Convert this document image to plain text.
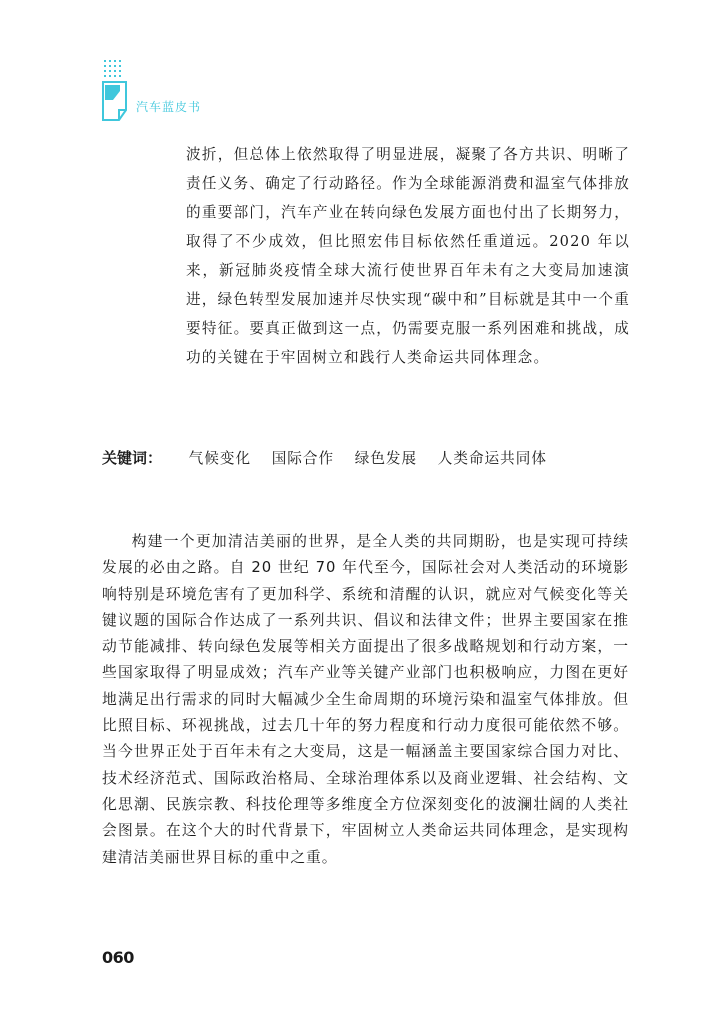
汽车蓝皮书

波折，但总体上依然取得了明显进展，凝聚了各方共识、明晰了责任义务、确定了行动路径。作为全球能源消费和温室气体排放的重要部门，汽车产业在转向绿色发展方面也付出了长期努力，取得了不少成效，但比照宏伟目标依然任重道远。2020 年以来，新冠肺炎疫情全球大流行使世界百年未有之大变局加速演进，绿色转型发展加速并尽快实现“碳中和”目标就是其中一个重要特征。要真正做到这一点，仍需要克服一系列困难和挑战，成功的关键在于牢固树立和践行人类命运共同体理念。

关键词： 气候变化 国际合作 绿色发展 人类命运共同体

构建一个更加清洁美丽的世界，是全人类的共同期盼，也是实现可持续发展的必由之路。自 20 世纪 70 年代至今，国际社会对人类活动的环境影响特别是环境危害有了更加科学、系统和清醒的认识，就应对气候变化等关键议题的国际合作达成了一系列共识、倡议和法律文件；世界主要国家在推动节能减排、转向绿色发展等相关方面提出了很多战略规划和行动方案，一些国家取得了明显成效；汽车产业等关键产业部门也积极响应，力图在更好地满足出行需求的同时大幅减少全生命周期的环境污染和温室气体排放。但比照目标、环视挑战，过去几十年的努力程度和行动力度很可能依然不够。当今世界正处于百年未有之大变局，这是一幅涵盖主要国家综合国力对比、技术经济范式、国际政治格局、全球治理体系以及商业逻辑、社会结构、文化思潮、民族宗教、科技伦理等多维度全方位深刻变化的波澜壮阔的人类社会图景。在这个大的时代背景下，牢固树立人类命运共同体理念，是实现构建清洁美丽世界目标的重中之重。

060
